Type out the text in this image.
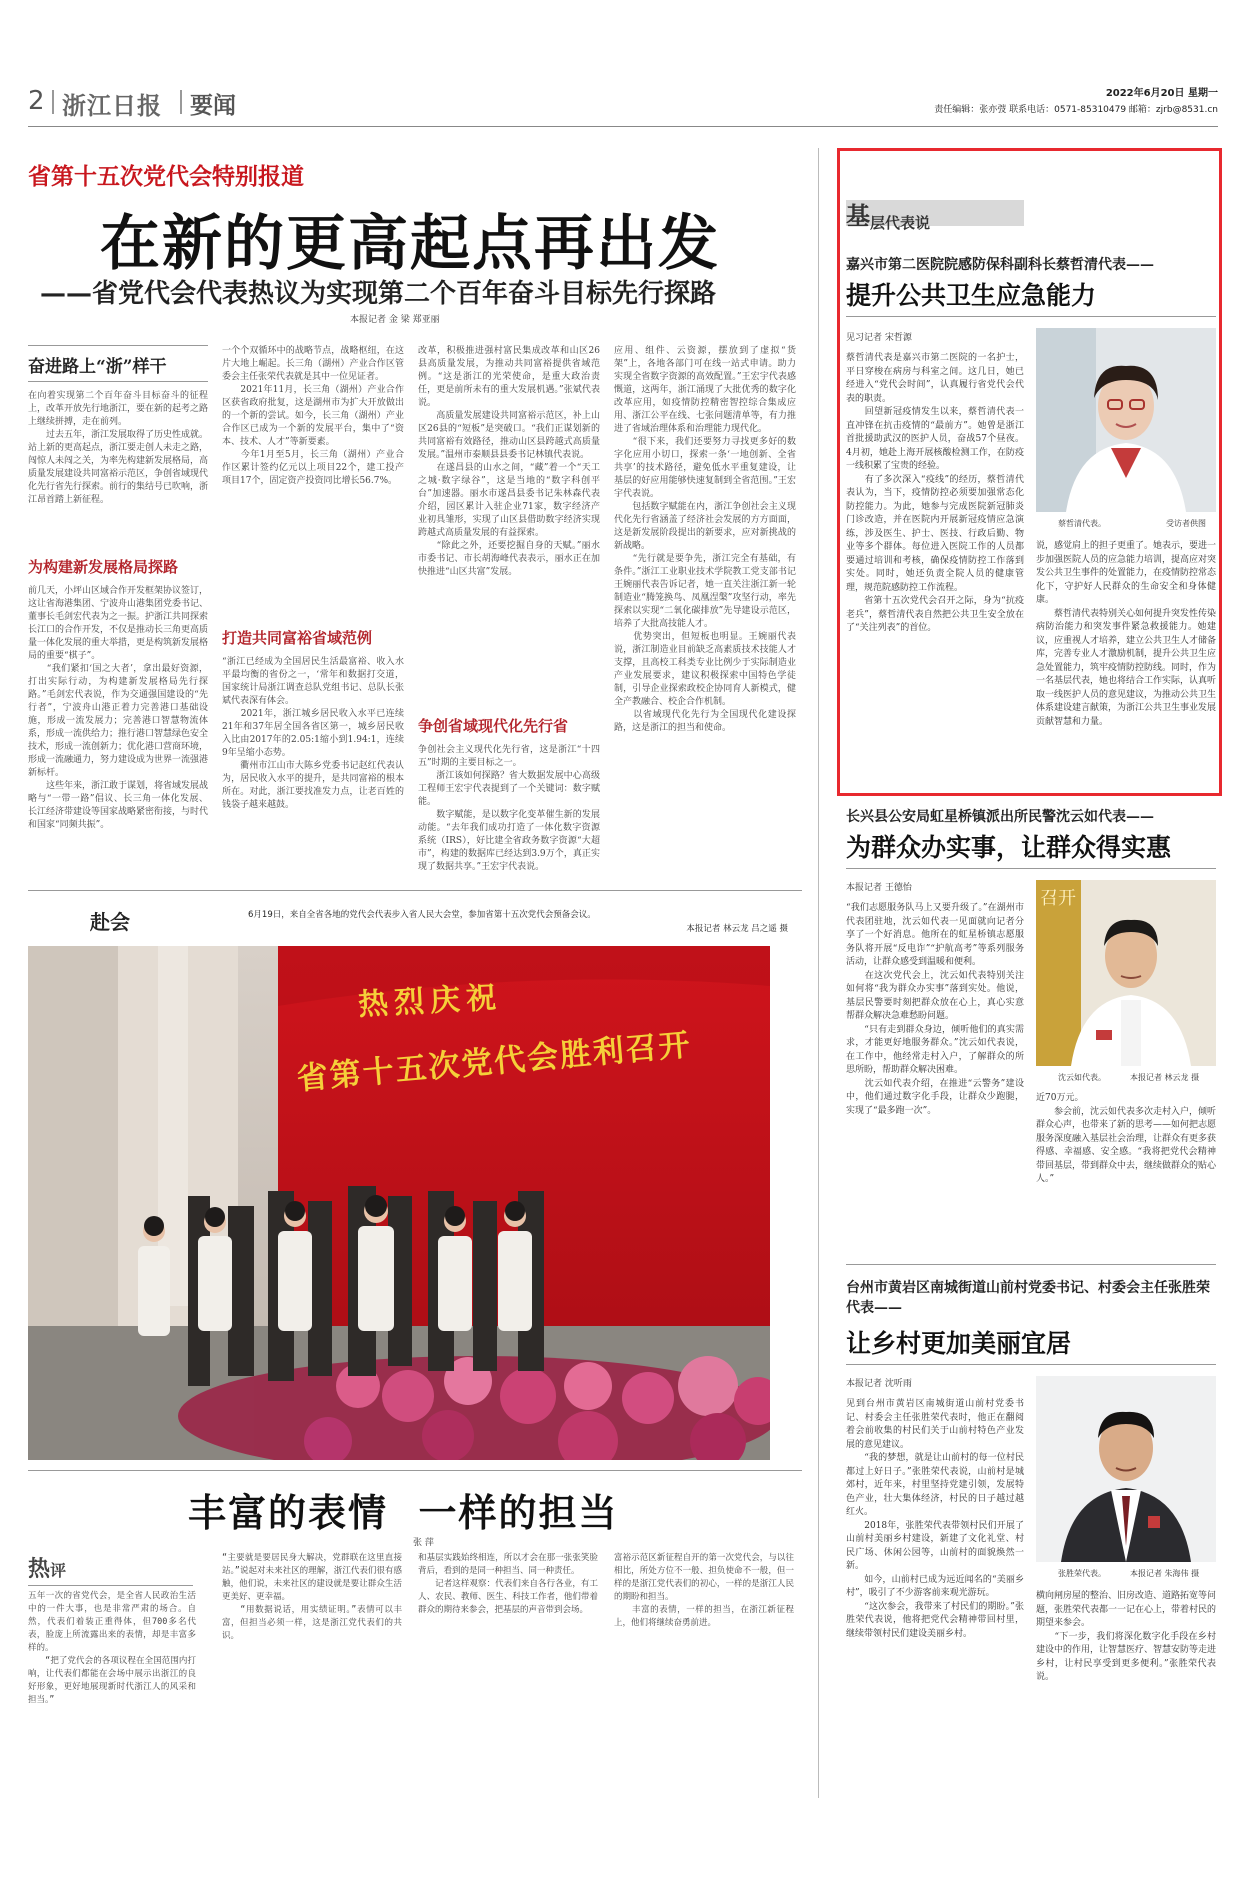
2 浙江日报 要闻	2022年6月20日 星期一
责任编辑：张亦弢 联系电话：0571-85310479 邮箱：zjrb@8531.cn
省第十五次党代会特别报道
在新的更高起点再出发
——省党代会代表热议为实现第二个百年奋斗目标先行探路
本报记者 金 梁 郑亚丽
奋进路上“浙”样干
在向着实现第二个百年奋斗目标奋斗的征程上，改革开放先行地浙江，要在新的起考之路上继续拼搏，走在前列。
　　过去五年，浙江发展取得了历史性成就。站上新的更高起点，浙江要走创人未走之路，闯惊人未闯之关，为率先构建新发展格局，高质量发展建设共同富裕示范区，争创省域现代化先行省先行探索。前行的集结号已吹响，浙江昂首踏上新征程。
为构建新发展格局探路
前几天，小坪山区域合作开发框架协议签订，这让省海港集团、宁波舟山港集团党委书记、董事长毛剑宏代表为之一振。护浙江共同探索长江口的合作开发，不仅是推动长三角更高质量一体化发展的重大举措，更是构筑新发展格局的重要“棋子”。
　　“我们紧扣‘国之大者’，拿出最好资源，打出实际行动，为构建新发展格局先行探路。”毛剑宏代表说，作为交通强国建设的“先行者”，宁波舟山港正着力完善港口基础设施，形成一流发展力；完善港口智慧物流体系，形成一流供给力；推行港口智慧绿色安全技术，形成一流创新力；优化港口营商环境，形成一流融通力，努力建设成为世界一流强港新标杆。
　　这些年来，浙江敢于谋划，将省域发展战略与“一带一路”倡议、长三角一体化发展、长江经济带建设等国家战略紧密衔接，与时代和国家“同频共振”。
一个个双循环中的战略节点，战略枢纽，在这片大地上崛起。长三角（湖州）产业合作区管委会主任张荣代表就是其中一位见证者。
　　2021年11月，长三角（湖州）产业合作区获省政府批复，这是湖州市为扩大开放做出的一个新的尝试。如今，长三角（湖州）产业合作区已成为一个新的发展平台，集中了“资本、技术、人才”等新要素。
　　今年1月至5月，长三角（湖州）产业合作区累计签约亿元以上项目22个，建工投产项目17个，固定资产投资同比增长56.7%。
打造共同富裕省域范例
“浙江已经成为全国居民生活最富裕、收入水平最均衡的省份之一，‘常年和数据打交道，国家统计局浙江调查总队党组书记、总队长张斌代表深有体会。
　　2021年，浙江城乡居民收入水平已连续21年和37年居全国各省区第一，城乡居民收入比由2017年的2.05:1缩小到1.94:1，连续9年呈缩小态势。
　　衢州市江山市大陈乡党委书记赵红代表认为，居民收入水平的提升，是共同富裕的根本所在。对此，浙江要找准发力点，让老百姓的钱袋子越来越鼓。
改革，积极推进强村富民集成改革和山区26县高质量发展，为推动共同富裕提供省域范例。“这是浙江的光荣使命，是重大政治责任，更是前所未有的重大发展机遇。”张斌代表说。
　　高质量发展建设共同富裕示范区，补上山区26县的“短板”是突破口。“我们正谋划新的共同富裕有效路径，推动山区县跨越式高质量发展。”温州市泰顺县县委书记林镇代表说。
　　在遂昌县的山水之间，“藏”着一个“天工之城·数字绿谷”，这是当地的“数字科创平台”加速器。丽水市遂昌县委书记朱林森代表介绍，园区累计入驻企业71家，数字经济产业初具雏形，实现了山区县借助数字经济实现跨越式高质量发展的有益探索。
　　“除此之外，还要挖掘自身的天赋。”丽水市委书记、市长胡海峰代表表示，丽水正在加快推进“山区共富”发展。
争创省域现代化先行省
争创社会主义现代化先行省，这是浙江“十四五”时期的主要目标之一。
　　浙江该如何探路？省大数据发展中心高级工程师王宏宇代表提到了一个关键词：数字赋能。
　　数字赋能，是以数字化变革催生新的发展动能。“去年我们成功打造了一体化数字资源系统（IRS），好比建全省政务数字资源“大超市”，构建的数据库已经达到3.9万个，真正实现了数据共享。”王宏宇代表说。
应用、组件、云资源，摆放到了虚拟“货架”上，各地各部门可在线一站式申请。助力实现全省数字资源的高效配置。”王宏宇代表感慨道，这两年，浙江涌现了大批优秀的数字化改革应用，如疫情防控精密智控综合集成应用、浙江公平在线、七张问题清单等，有力推进了省域治理体系和治理能力现代化。
　　“很下来，我们还要努力寻找更多好的数字化应用小切口，探索一条‘一地创新、全省共享’的技术路径，避免低水平重复建设，让基层的好应用能够快速复制到全省范围。”王宏宇代表说。
　　包括数字赋能在内，浙江争创社会主义现代化先行省涵盖了经济社会发展的方方面面，这是新发展阶段提出的新要求，应对新挑战的新战略。
　　“先行就是要争先，浙江完全有基础，有条件。”浙江工业职业技术学院教工党支部书记王婉丽代表告诉记者，她一直关注浙江新一轮制造业“腾笼换鸟、凤凰涅槃”攻坚行动，率先探索以实现“二氧化碳排放”先导建设示范区，培养了大批高技能人才。
　　优势突出，但短板也明显。王婉丽代表说，浙江制造业目前缺乏高素质技术技能人才支撑，且高校工科类专业比例少于实际制造业产业发展要求，建议积极探索中国特色学徒制，引导企业探索政校企协同育人新模式，健全产教融合、校企合作机制。
　　以省域现代化先行为全国现代化建设探路，这是浙江的担当和使命。
赴会	6月19日，来自全省各地的党代会代表步入省人民大会堂，参加省第十五次党代会预备会议。
本报记者 林云龙 吕之遥 摄
热烈庆祝
省第十五次党代会胜利召开
丰富的表情  一样的担当
张 萍
热评
五年一次的省党代会，是全省人民政治生活中的一件大事，也是非常严肃的场合。自然，代表们着装正重得体，但700多名代表，脸庞上所流露出来的表情，却是丰富多样的。
　　“把了党代会的各项议程在全国范围内打响，让代表们都能在会场中展示出浙江的良好形象，更好地展现新时代浙江人的风采和担当。”
“主要就是要居民身大解决，党群联在这里直接站。”说起对未来社区的理解，浙江代表们很有感触，他们说，未来社区的建设就是要让群众生活更美好、更幸福。
　　“用数据说话，用实绩证明。”表情可以丰富，但担当必须一样，这是浙江党代表们的共识。
和基层实践始终相连，所以才会在那一张张笑脸背后，看到的是同一种担当、同一种责任。
　　记者这样观察：代表们来自各行各业，有工人、农民、教师、医生、科技工作者，他们带着群众的期待来参会，把基层的声音带到会场。
富裕示范区新征程自开的第一次党代会，与以往相比，所处方位不一般、担负使命不一般，但一样的是浙江党代表们的初心，一样的是浙江人民的期盼和担当。
　　丰富的表情，一样的担当，在浙江新征程上，他们将继续奋勇前进。
基层代表说
嘉兴市第二医院院感防保科副科长蔡哲清代表——
提升公共卫生应急能力
见习记者 宋哲源
蔡哲清代表是嘉兴市第二医院的一名护士，平日穿梭在病房与科室之间。这几日，她已经进入“党代会时间”，认真履行省党代会代表的职责。
　　回望新冠疫情发生以来，蔡哲清代表一直冲锋在抗击疫情的“最前方”。她曾是浙江首批援助武汉的医护人员，奋战57个昼夜。4月初，她赴上海开展核酸检测工作，在防疫一线积累了宝贵的经验。
　　有了多次深入“疫线”的经历，蔡哲清代表认为，当下，疫情防控必须要加强常态化防控能力。为此，她参与完成医院新冠肺炎门诊改造，并在医院内开展新冠疫情应急演练，涉及医生、护士、医技、行政后勤、物业等多个群体。每位进入医院工作的人员都要通过培训和考核，确保疫情防控工作落到实处。同时，她还负责全院人员的健康管理，规范院感防控工作流程。
　　省第十五次党代会召开之际，身为“抗疫老兵”，蔡哲清代表自然把公共卫生安全放在了“关注列表”的首位。
蔡哲清代表。	受访者供图
说，感觉肩上的担子更重了。她表示，要进一步加强医院人员的应急能力培训，提高应对突发公共卫生事件的处置能力，在疫情防控常态化下，守护好人民群众的生命安全和身体健康。
　　蔡哲清代表特别关心如何提升突发性传染病防治能力和突发事件紧急救援能力。她建议，应重视人才培养，建立公共卫生人才储备库，完善专业人才激励机制，提升公共卫生应急处置能力，筑牢疫情防控防线。同时，作为一名基层代表，她也将结合工作实际，认真听取一线医护人员的意见建议，为推动公共卫生体系建设建言献策，为浙江公共卫生事业发展贡献智慧和力量。
长兴县公安局虹星桥镇派出所民警沈云如代表——
为群众办实事，让群众得实惠
本报记者 王德怡
“我们志愿服务队马上又要升级了。”在湖州市代表团驻地，沈云如代表一见面就向记者分享了一个好消息。他所在的虹星桥镇志愿服务队将开展“反电诈”“护航高考”等系列服务活动，让群众感受到温暖和便利。
　　在这次党代会上，沈云如代表特别关注如何将“我为群众办实事”落到实处。他说，基层民警要时刻把群众放在心上，真心实意帮群众解决急难愁盼问题。
　　“只有走到群众身边，倾听他们的真实需求，才能更好地服务群众。”沈云如代表说，在工作中，他经常走村入户，了解群众的所思所盼，帮助群众解决困难。
　　沈云如代表介绍，在推进“云警务”建设中，他们通过数字化手段，让群众少跑腿，实现了“最多跑一次”。
召开
沈云如代表。	本报记者 林云龙 摄
近70万元。
　　参会前，沈云如代表多次走村入户，倾听群众心声，也带来了新的思考——如何把志愿服务深度融入基层社会治理，让群众有更多获得感、幸福感、安全感。“我将把党代会精神带回基层，带到群众中去，继续做群众的贴心人。”
台州市黄岩区南城街道山前村党委书记、村委会主任张胜荣代表——
让乡村更加美丽宜居
本报记者 沈听雨
见到台州市黄岩区南城街道山前村党委书记、村委会主任张胜荣代表时，他正在翻阅着会前收集的村民们关于山前村特色产业发展的意见建议。
　　“我的梦想，就是让山前村的每一位村民都过上好日子。”张胜荣代表说，山前村是城郊村，近年来，村里坚持党建引领，发展特色产业，壮大集体经济，村民的日子越过越红火。
　　2018年，张胜荣代表带领村民们开展了山前村美丽乡村建设，新建了文化礼堂、村民广场、休闲公园等，山前村的面貌焕然一新。
　　如今，山前村已成为远近闻名的“美丽乡村”，吸引了不少游客前来观光游玩。
　　“这次参会，我带来了村民们的期盼。”张胜荣代表说，他将把党代会精神带回村里，继续带领村民们建设美丽乡村。
张胜荣代表。	本报记者 朱海伟 摄
横向闸房屋的整治、旧房改造、道路拓宽等问题，张胜荣代表都一一记在心上，带着村民的期望来参会。
　　“下一步，我们将深化数字化手段在乡村建设中的作用，让智慧医疗、智慧安防等走进乡村，让村民享受到更多便利。”张胜荣代表说。
